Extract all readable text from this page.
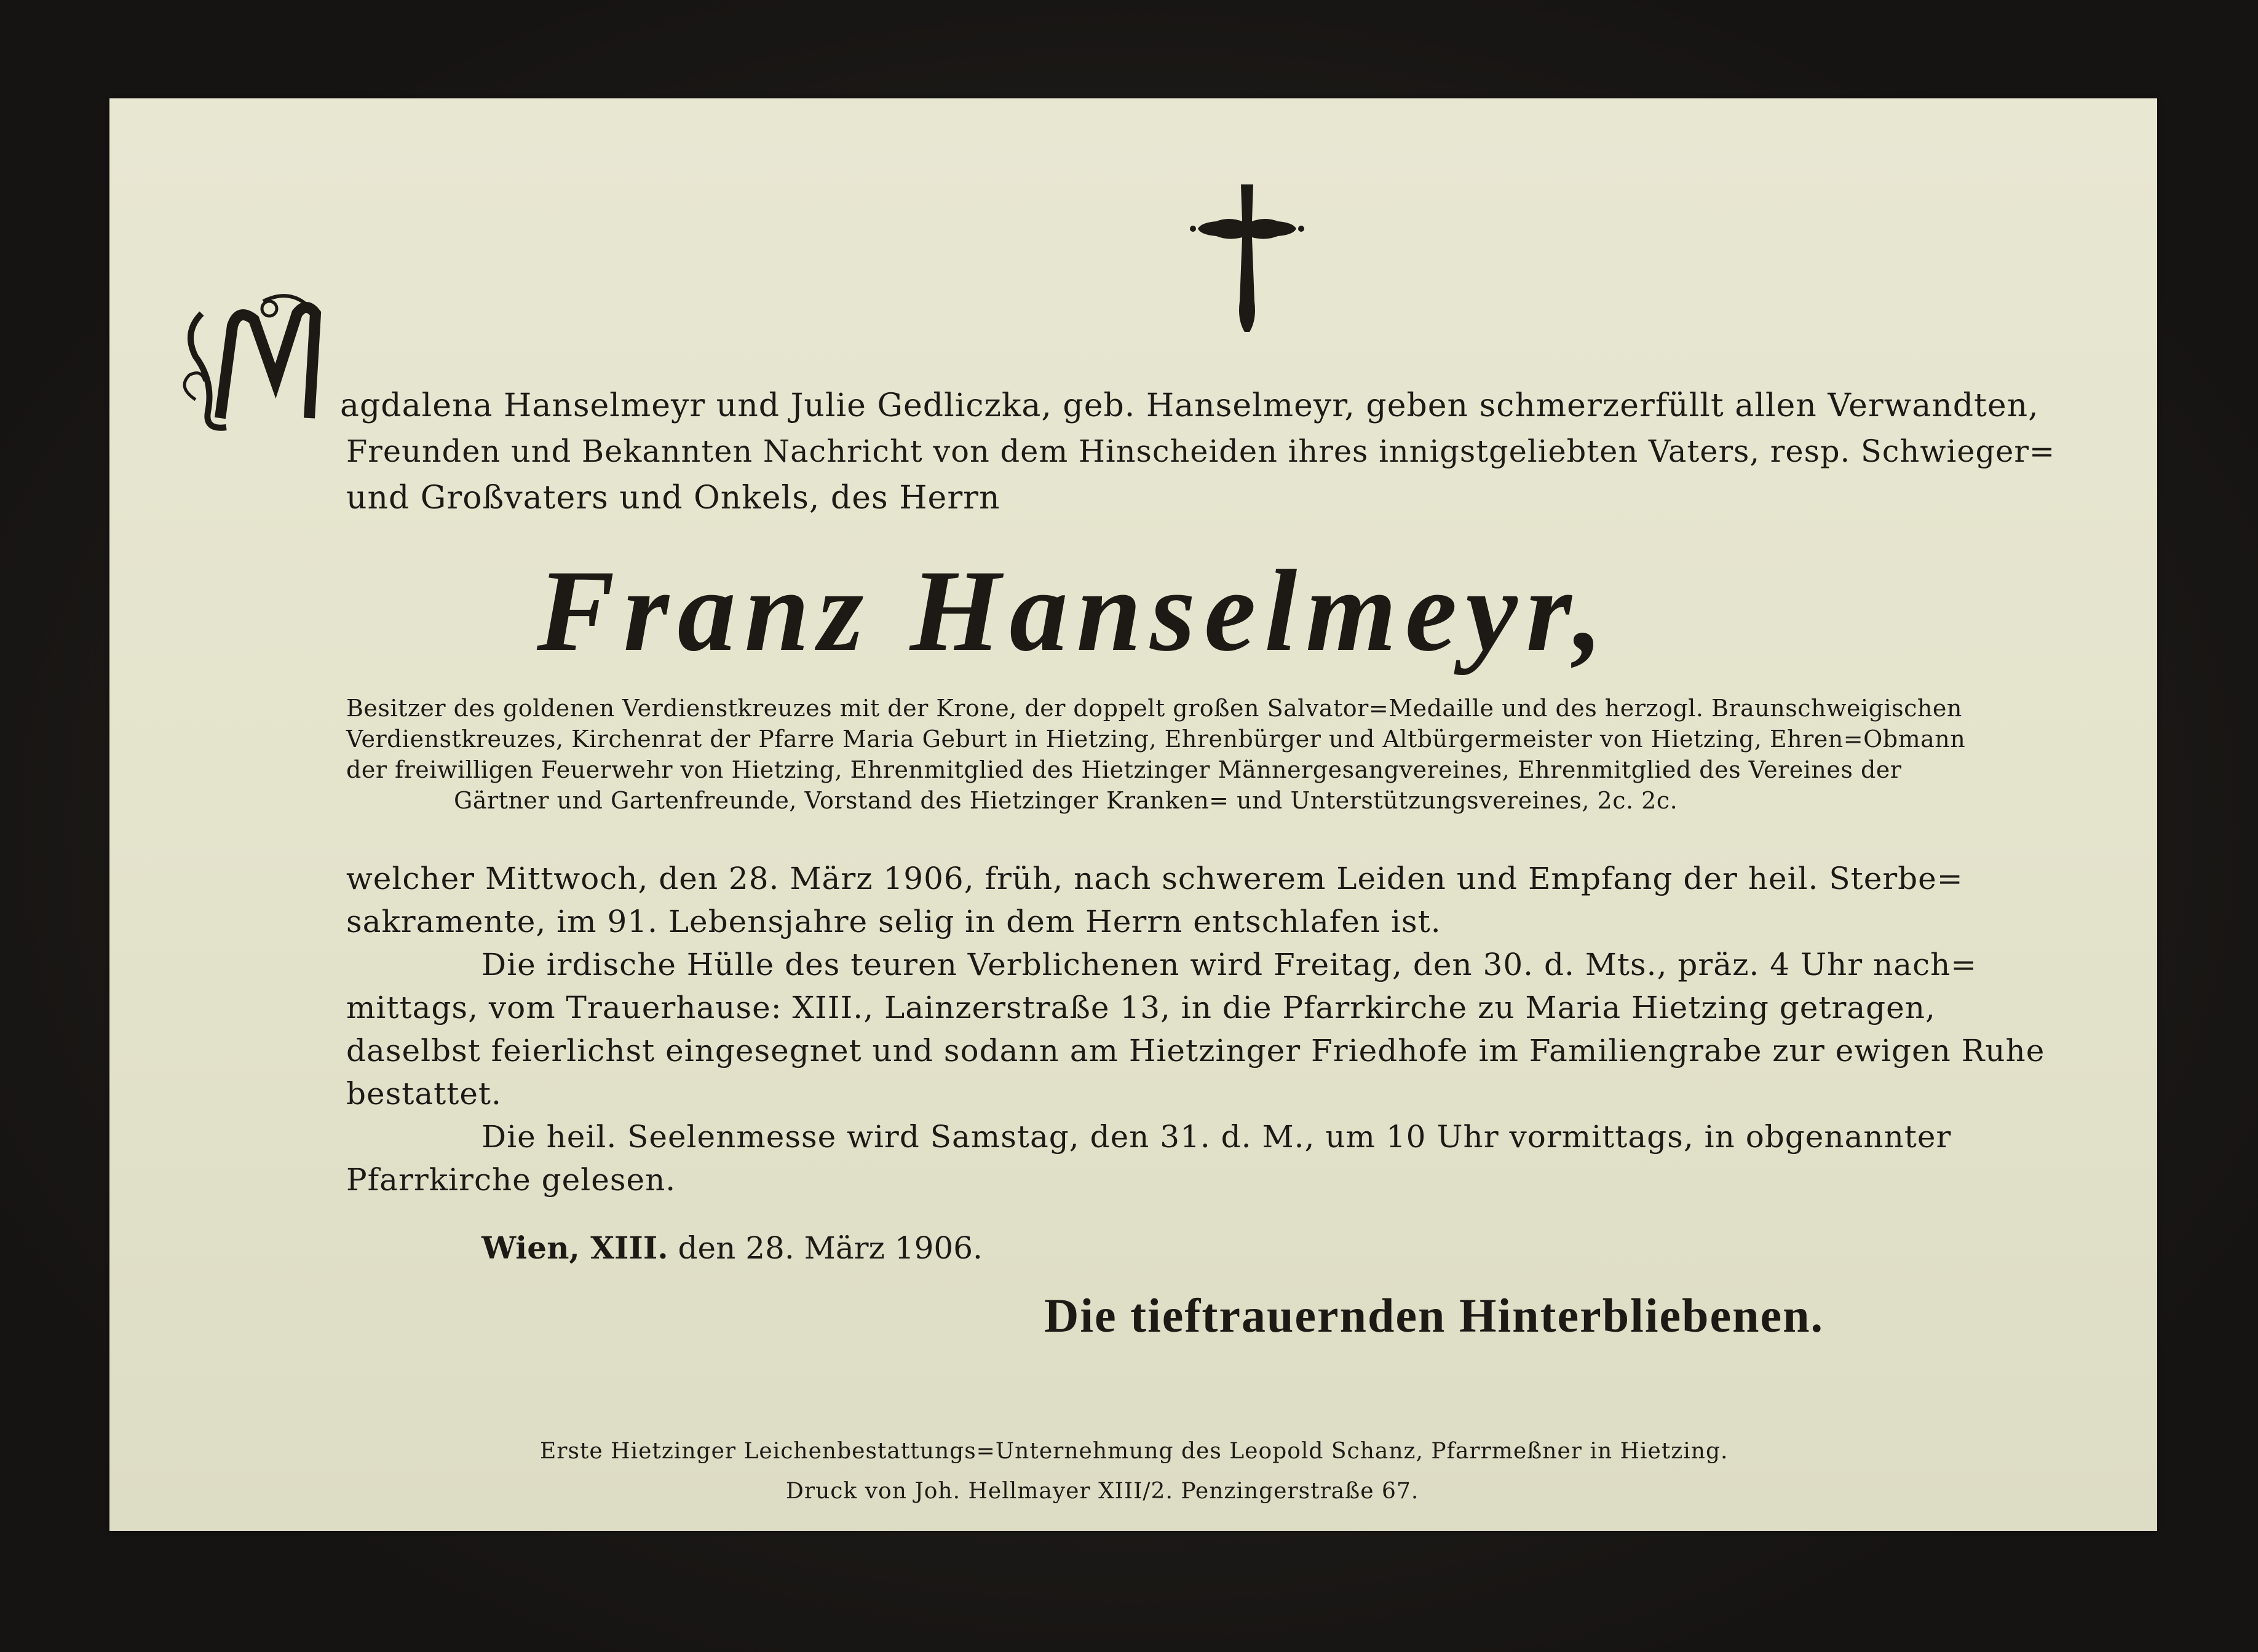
M	agdalena Hanselmeyr und Julie Gedliczka, geb. Hanselmeyr, geben schmerzerfüllt allen Verwandten,
Freunden und Bekannten Nachricht von dem Hinscheiden ihres innigstgeliebten Vaters, resp. Schwieger=
und Großvaters und Onkels, des Herrn
Franz Hanselmeyr,
Besitzer des goldenen Verdienstkreuzes mit der Krone, der doppelt großen Salvator=Medaille und des herzogl. Braunschweigischen
Verdienstkreuzes, Kirchenrat der Pfarre Maria Geburt in Hietzing, Ehrenbürger und Altbürgermeister von Hietzing, Ehren=Obmann
der freiwilligen Feuerwehr von Hietzing, Ehrenmitglied des Hietzinger Männergesangvereines, Ehrenmitglied des Vereines der
Gärtner und Gartenfreunde, Vorstand des Hietzinger Kranken= und Unterstützungsvereines, 2c. 2c.
welcher Mittwoch, den 28. März 1906, früh, nach schwerem Leiden und Empfang der heil. Sterbe=
sakramente, im 91. Lebensjahre selig in dem Herrn entschlafen ist.
Die irdische Hülle des teuren Verblichenen wird Freitag, den 30. d. Mts., präz. 4 Uhr nach=
mittags, vom Trauerhause: XIII., Lainzerstraße 13, in die Pfarrkirche zu Maria Hietzing getragen,
daselbst feierlichst eingesegnet und sodann am Hietzinger Friedhofe im Familiengrabe zur ewigen Ruhe
bestattet.
Die heil. Seelenmesse wird Samstag, den 31. d. M., um 10 Uhr vormittags, in obgenannter
Pfarrkirche gelesen.
Wien, XIII. den 28. März 1906.
Die tieftrauernden Hinterbliebenen.
Erste Hietzinger Leichenbestattungs=Unternehmung des Leopold Schanz, Pfarrmeßner in Hietzing.
Druck von Joh. Hellmayer XIII/2. Penzingerstraße 67.
